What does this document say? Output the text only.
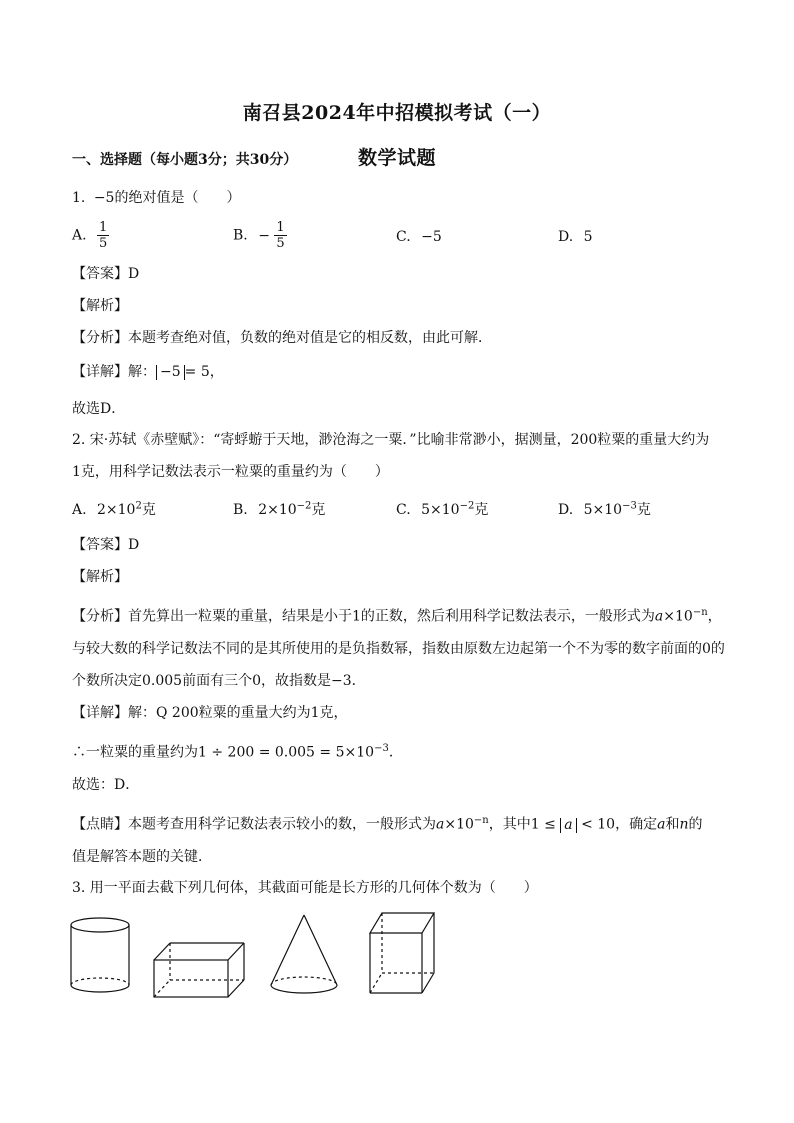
南召县2024年中招模拟考试（一）
数学试题
一、选择题（每小题3分；共30分）
1. −5的绝对值是（　　）
A. $\frac{1}{5}$	B. − $\frac{1}{5}$	C. −5	D. 5
【答案】D
【解析】
【分析】本题考查绝对值，负数的绝对值是它的相反数，由此可解．
【详解】解： −5 = 5，
故选D．
2. 宋·苏轼《赤壁赋》：“寄蜉蝣于天地，渺沧海之一粟．”比喻非常渺小，据测量，200粒粟的重量大约为
1克，用科学记数法表示一粒粟的重量约为（　　）
A. $2\times 10^2$克	B. $2\times 10^{-2}$克	C. $5\times 10^{-2}$克	D. $5\times 10^{-3}$克
【答案】D
【解析】
【分析】首先算出一粒粟的重量，结果是小于1的正数，然后利用科学记数法表示，一般形式为$a\times 10^{-n}$，
与较大数的科学记数法不同的是其所使用的是负指数幂，指数由原数左边起第一个不为零的数字前面的0的
个数所决定0.005前面有三个0，故指数是−3．
【详解】解：Q 200粒粟的重量大约为1克，
∴一粒粟的重量约为$1 \div 200 = 0.005 = 5\times 10^{-3}$．
故选：D．
【点睛】本题考查用科学记数法表示较小的数，一般形式为$a\times 10^{-n}$，其中1 ≤ a < 10，确定a和n的
值是解答本题的关键．
3. 用一平面去截下列几何体，其截面可能是长方形的几何体个数为（　　）
